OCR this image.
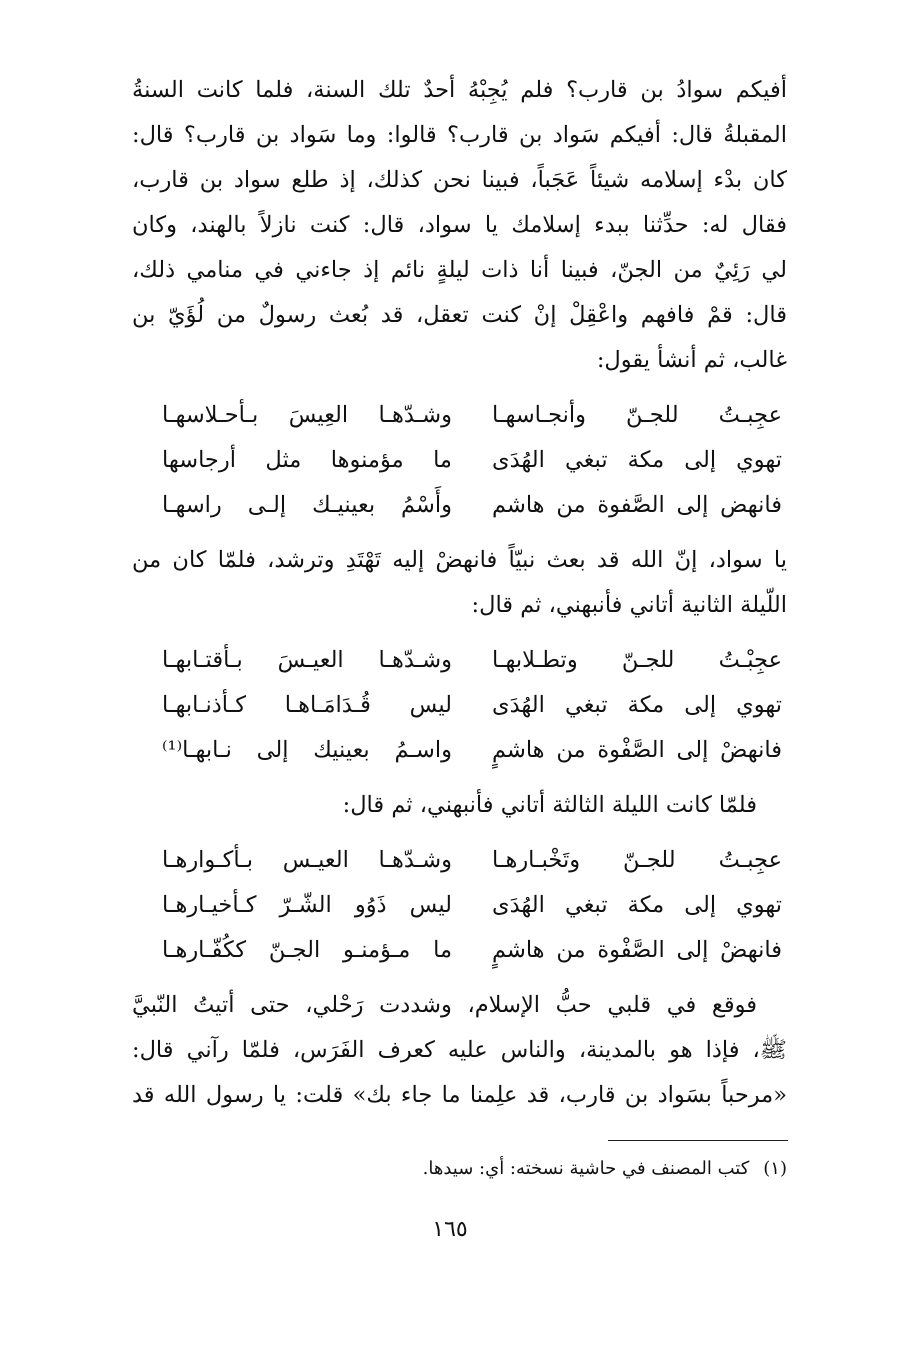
أفيكم سوادُ بن قارب؟ فلم يُجِبْهُ أحدٌ تلك السنة، فلما كانت السنةُ
المقبلةُ قال: أفيكم سَواد بن قارب؟ قالوا: وما سَواد بن قارب؟ قال:
كان بدْء إسلامه شيئاً عَجَباً، فبينا نحن كذلك، إذ طلع سواد بن قارب،
فقال له: حدِّثنا ببدء إسلامك يا سواد، قال: كنت نازلاً بالهند، وكان
لي رَئِيٌ من الجنّ، فبينا أنا ذات ليلةٍ نائم إذ جاءني في منامي ذلك،
قال: قمْ فافهم واعْقِلْ إنْ كنت تعقل، قد بُعث رسولٌ من لُؤَيّ بن
غالب، ثم أنشأ يقول:
عجِبـتُ للجـنّ وأنجـاسهـا
وشـدّهـا العِيسَ بـأحـلاسهـا
تهوي إلى مكة تبغي الهُدَى
ما مؤمنوها مثل أرجاسها
فانهض إلى الصَّفوة من هاشم
وأَسْمُ بعينيـك إلـى راسهـا
يا سواد، إنّ الله قد بعث نبيّاً فانهضْ إليه تَهْتَدِ وترشد، فلمّا كان من
اللّيلة الثانية أتاني فأنبهني، ثم قال:
عجِبْـتُ للجـنّ وتطـلابهـا
وشـدّهـا العيـسَ بـأقتـابهـا
تهوي إلى مكة تبغي الهُدَى
ليس قُـدَامَـاهـا كـأذنـابهـا
فانهضْ إلى الصَّفْوة من هاشمٍ
واسـمُ بعينيك إلى نـابهـا⁽¹⁾
فلمّا كانت الليلة الثالثة أتاني فأنبهني، ثم قال:
عجِبـتُ للجـنّ وتَخْبـارهـا
وشـدّهـا العيـس بـأكـوارهـا
تهوي إلى مكة تبغي الهُدَى
ليس ذَوُو الشّـرّ كـأخيـارهـا
فانهضْ إلى الصَّفْوة من هاشمٍ
ما مـؤمنـو الجـنّ ككُفّـارهـا
فوقع في قلبي حبُّ الإسلام، وشددت رَحْلي، حتى أتيتُ النّبيَّ
ﷺ، فإذا هو بالمدينة، والناس عليه كعرف الفَرَس، فلمّا رآني قال:
«مرحباً بسَواد بن قارب، قد علِمنا ما جاء بك» قلت: يا رسول الله قد
(١)كتب المصنف في حاشية نسخته: أي: سيدها.
١٦٥
